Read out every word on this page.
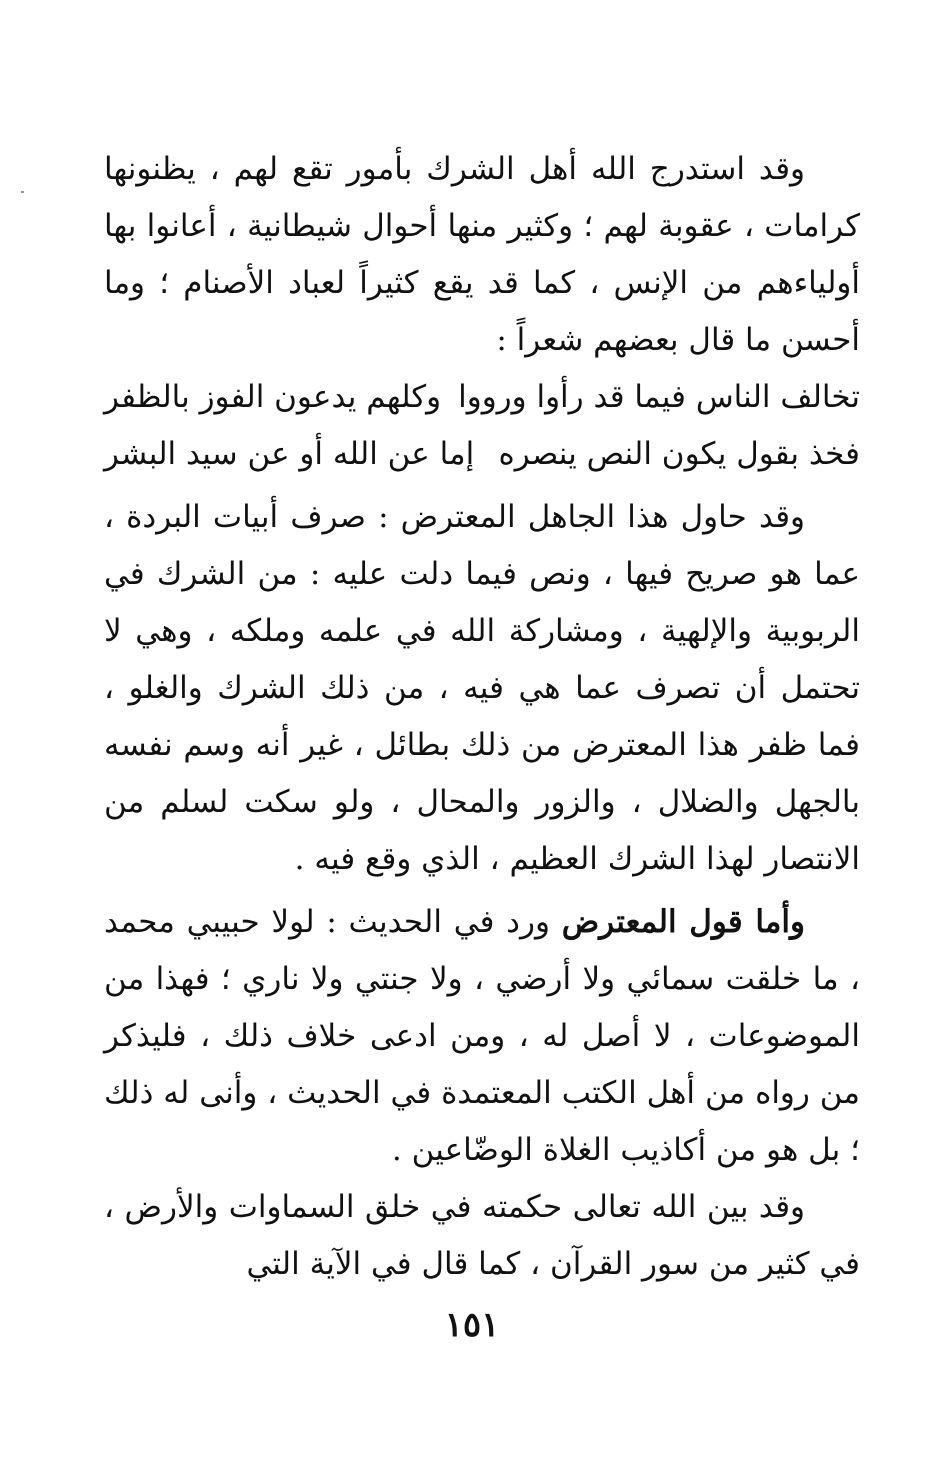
وقد استدرج الله أهل الشرك بأمور تقع لهم ، يظنونها كرامات ، عقوبة لهم ؛ وكثير منها أحوال شيطانية ، أعانوا بها أولياءهم من الإنس ، كما قد يقع كثيراً لعباد الأصنام ؛ وما أحسن ما قال بعضهم شعراً :

تخالف الناس فيما قد رأوا ورووا
وكلهم يدعون الفوز بالظفر
فخذ بقول يكون النص ينصره
إما عن الله أو عن سيد البشر

وقد حاول هذا الجاهل المعترض : صرف أبيات البردة ، عما هو صريح فيها ، ونص فيما دلت عليه : من الشرك في الربوبية والإلهية ، ومشاركة الله في علمه وملكه ، وهي لا تحتمل أن تصرف عما هي فيه ، من ذلك الشرك والغلو ، فما ظفر هذا المعترض من ذلك بطائل ، غير أنه وسم نفسه بالجهل والضلال ، والزور والمحال ، ولو سكت لسلم من الانتصار لهذا الشرك العظيم ، الذي وقع فيه .

وأما قول المعترض ورد في الحديث : لولا حبيبي محمد ، ما خلقت سمائي ولا أرضي ، ولا جنتي ولا ناري ؛ فهذا من الموضوعات ، لا أصل له ، ومن ادعى خلاف ذلك ، فليذكر من رواه من أهل الكتب المعتمدة في الحديث ، وأنى له ذلك ؛ بل هو من أكاذيب الغلاة الوضّاعين .

وقد بين الله تعالى حكمته في خلق السماوات والأرض ، في كثير من سور القرآن ، كما قال في الآية التي

١٥١
